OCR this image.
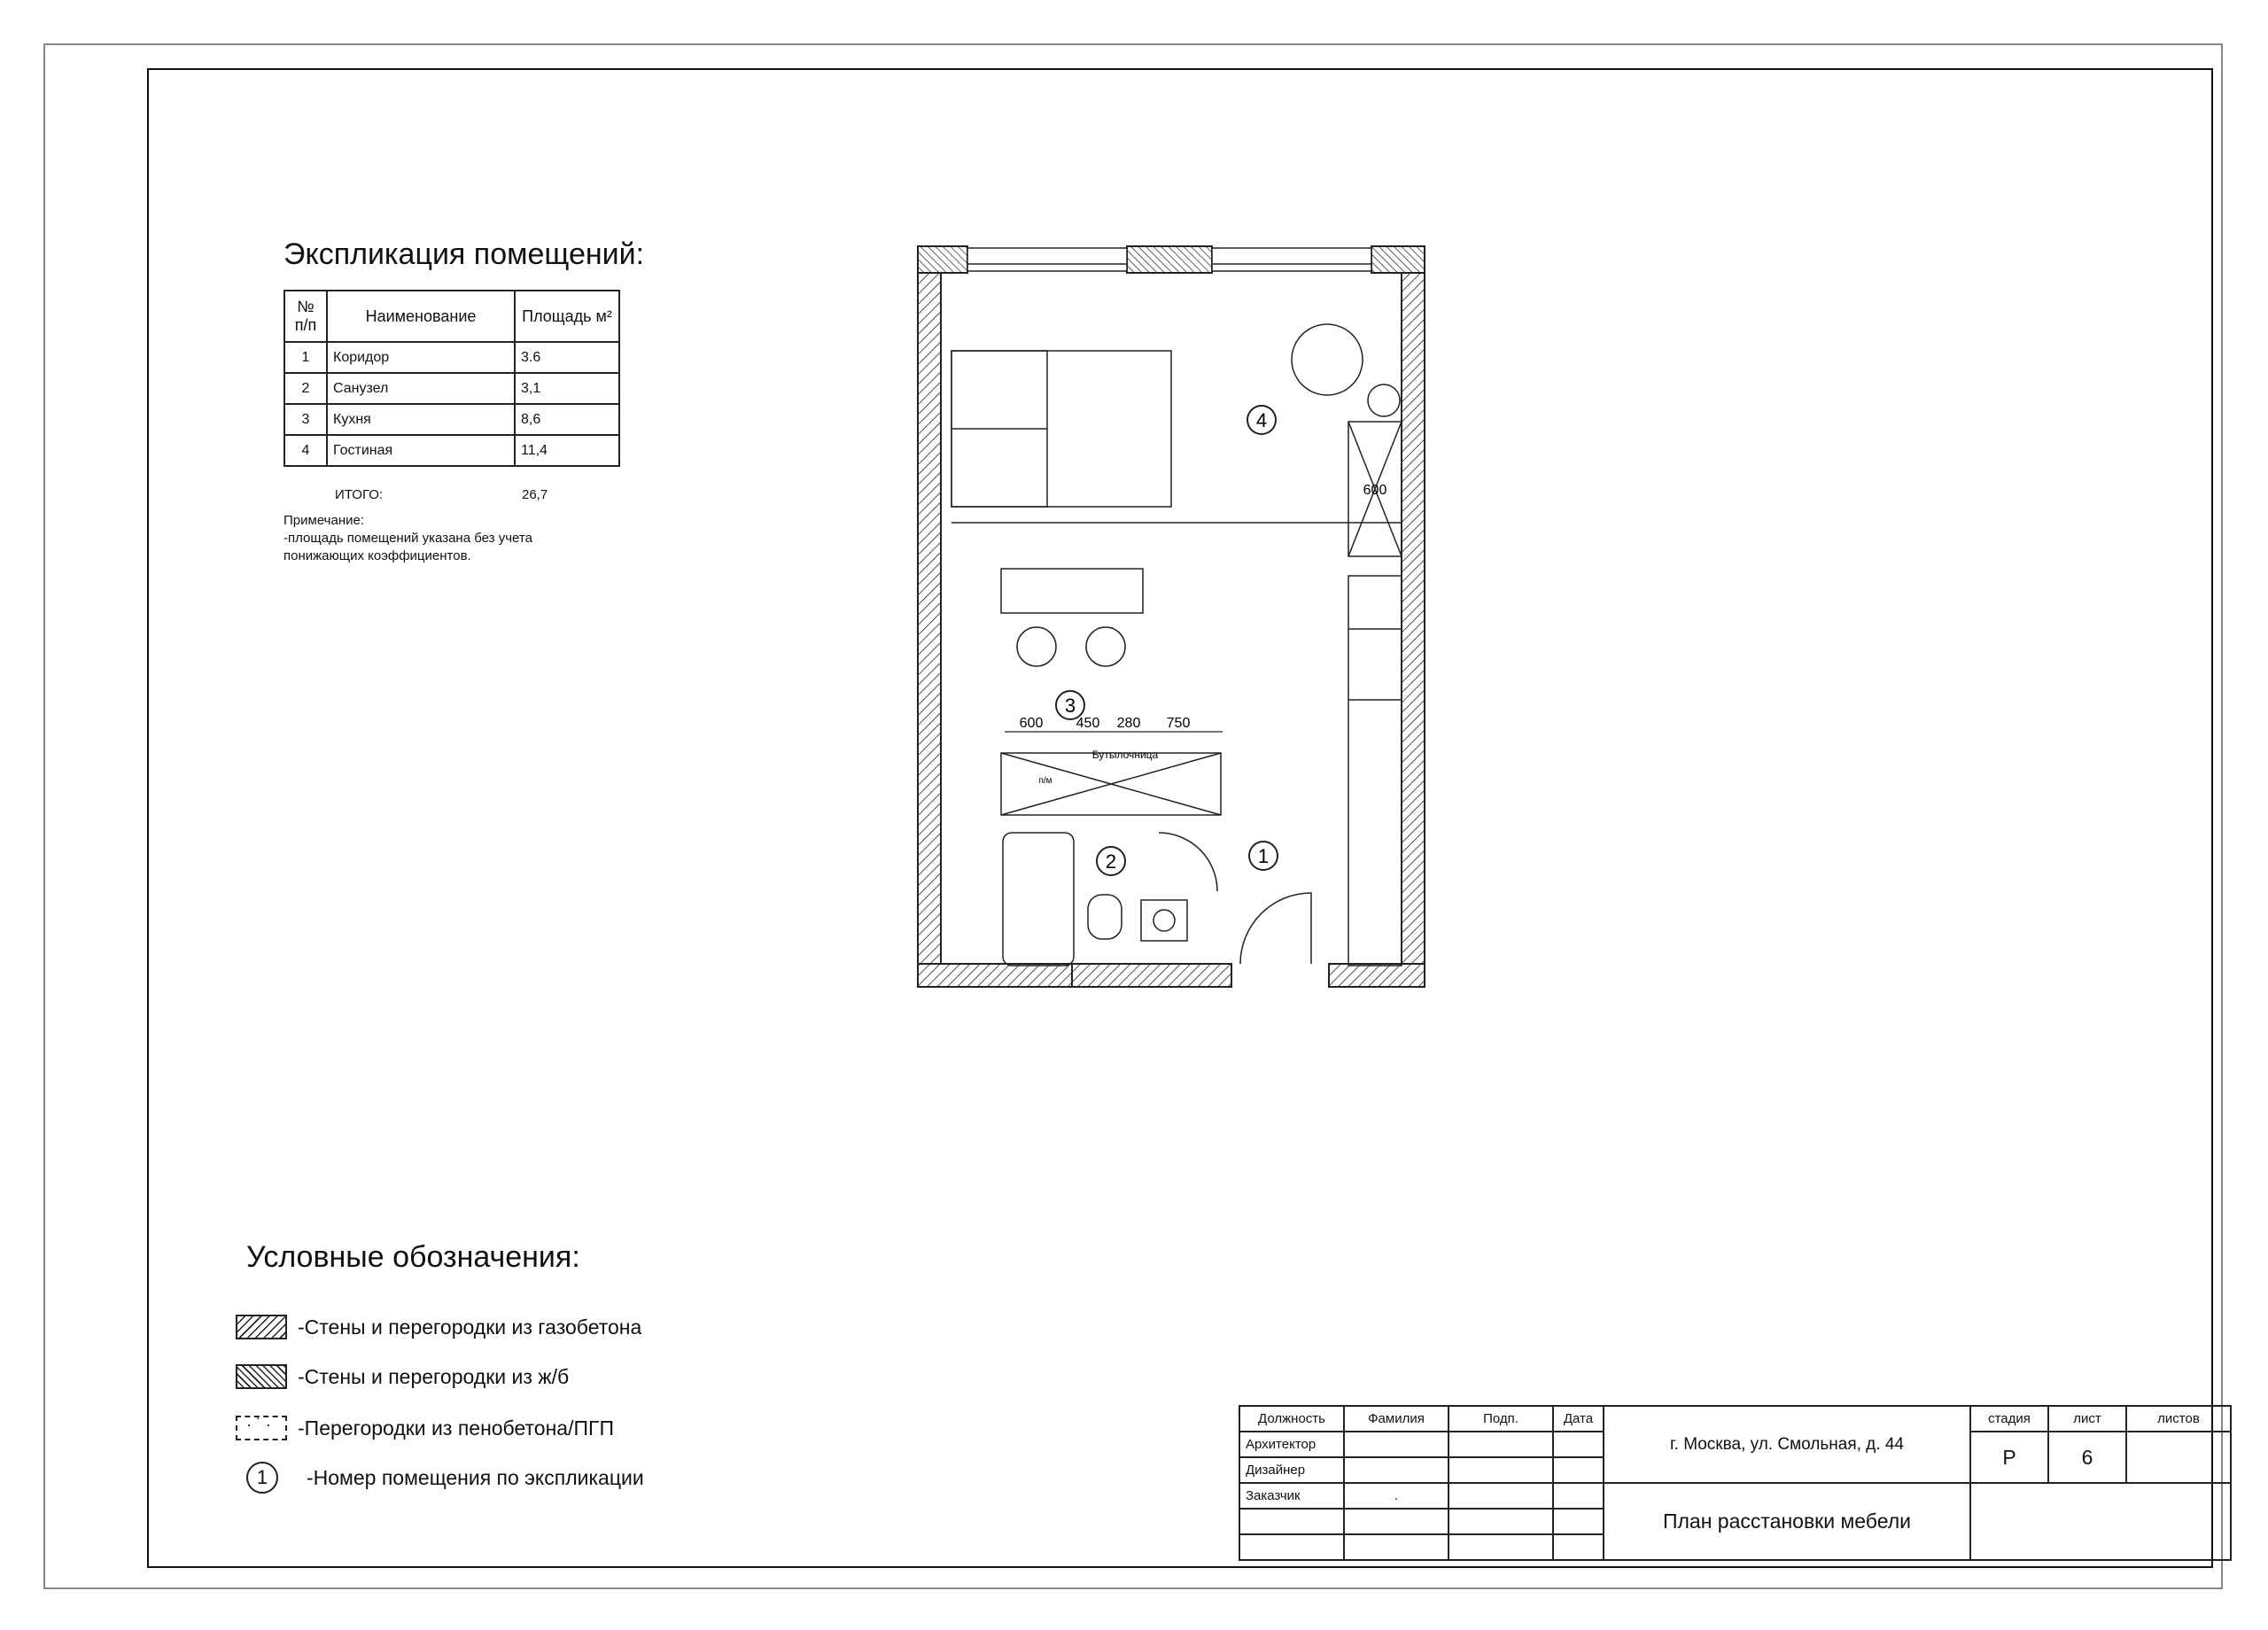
Экспликация помещений:
№
п/п	Наименование	Площадь м²
1	Коридор	3.6
2	Санузел	3,1
3	Кухня	8,6
4	Гостиная	11,4
ИТОГО:	26,7
Примечание:
-площадь помещений указана без учета понижающих коэффициентов.
1
2
3
4
600 450 280 750
600
Бутылочница
п/м
Условные обозначения:
-Стены и перегородки из газобетона
-Стены и перегородки из ж/б
· ˙ ·
-Перегородки из пенобетона/ПГП
1	-Номер помещения по экспликации
Должность	Фамилия	Подп.	Дата	г. Москва, ул. Смольная, д. 44	стадия	лист	листов
Архитектор					Р	6	
Дизайнер							
Заказчик	.			План расстановки мебели			
